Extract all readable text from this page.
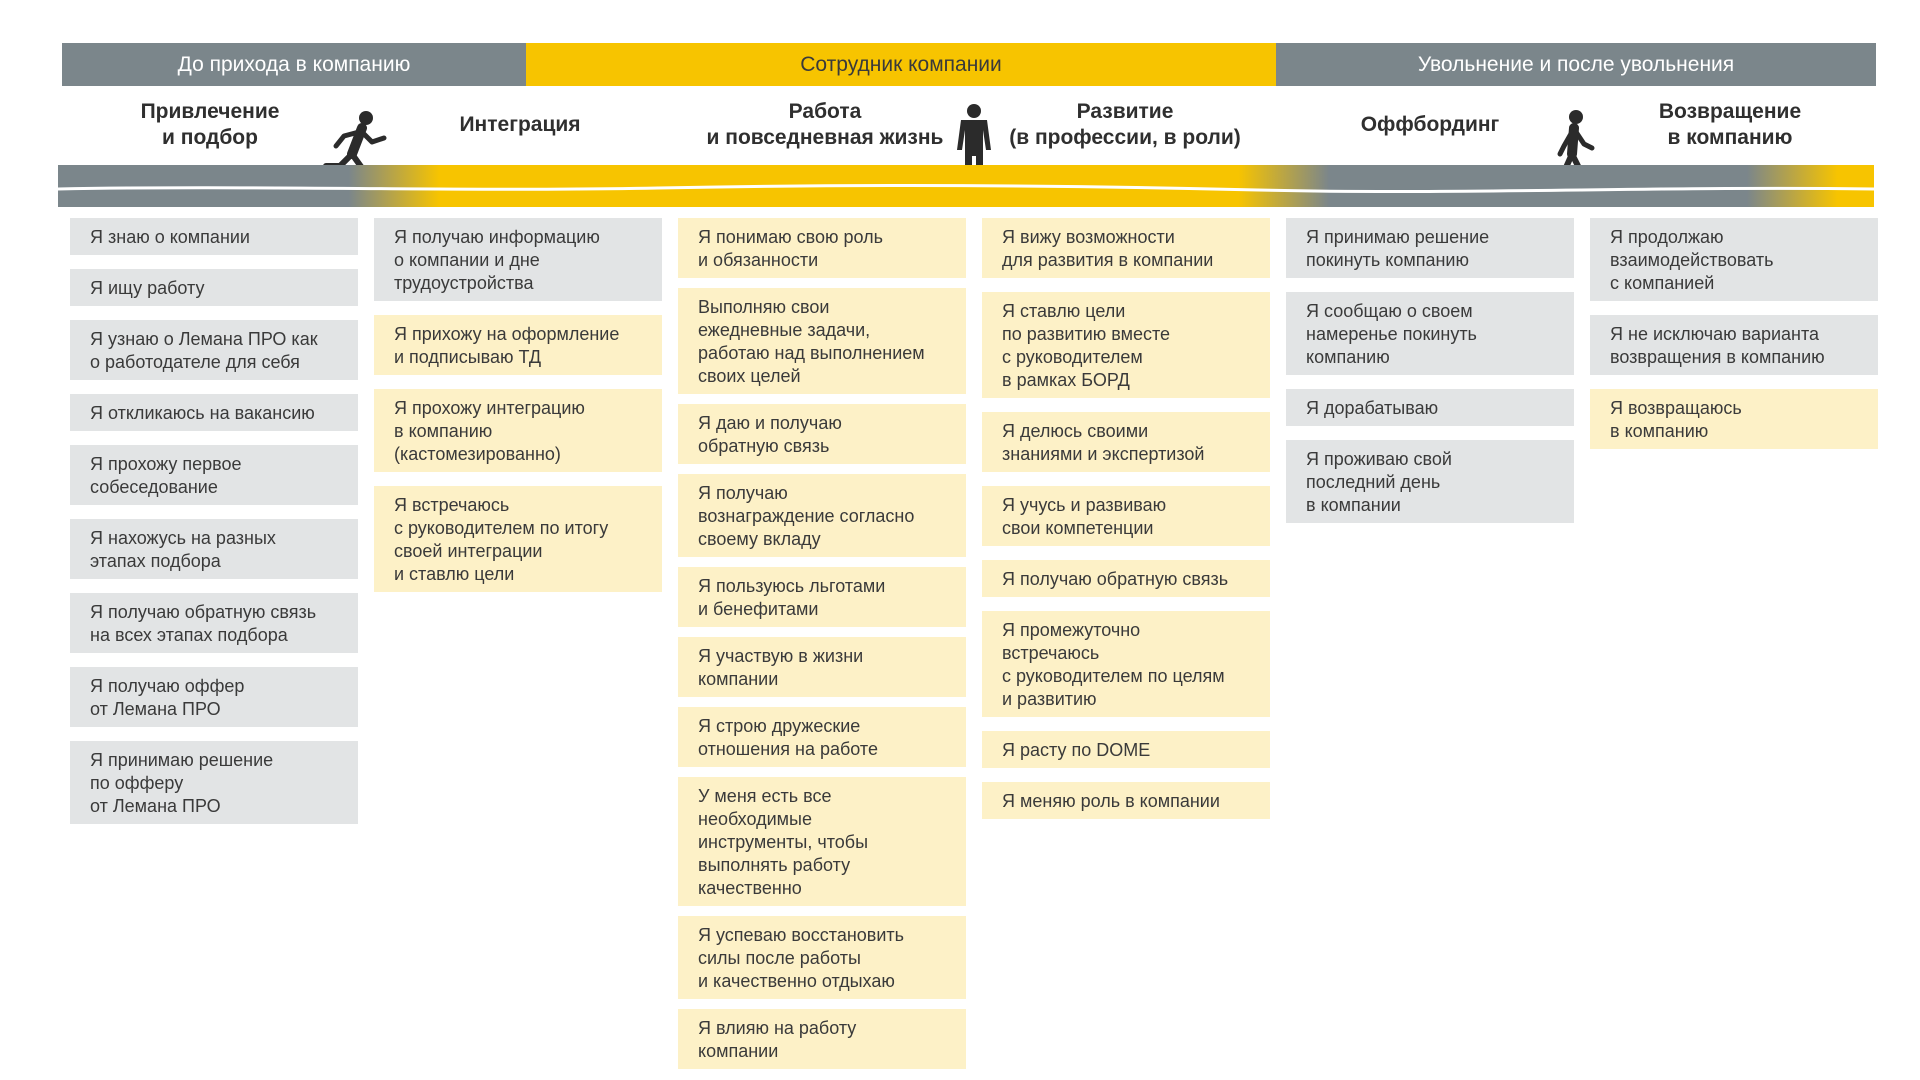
До прихода в компанию	Сотрудник компании	Увольнение и после увольнения
Привлечение
и подбор
Интеграция
Работа
и повседневная жизнь
Развитие
(в профессии, в роли)
Оффбординг
Возвращение
в компанию
Я знаю о компании
Я ищу работу
Я узнаю о Лемана ПРО как
о работодателе для себя
Я откликаюсь на вакансию
Я прохожу первое
собеседование
Я нахожусь на разных
этапах подбора
Я получаю обратную связь
на всех этапах подбора
Я получаю оффер
от Лемана ПРО
Я принимаю решение
по офферу
от Лемана ПРО
Я получаю информацию
о компании и дне
трудоустройства
Я прихожу на оформление
и подписываю ТД
Я прохожу интеграцию
в компанию
(кастомезированно)
Я встречаюсь
с руководителем по итогу
своей интеграции
и ставлю цели
Я понимаю свою роль
и обязанности
Выполняю свои
ежедневные задачи,
работаю над выполнением
своих целей
Я даю и получаю
обратную связь
Я получаю
вознаграждение согласно
своему вкладу
Я пользуюсь льготами
и бенефитами
Я участвую в жизни
компании
Я строю дружеские
отношения на работе
У меня есть все
необходимые
инструменты, чтобы
выполнять работу
качественно
Я успеваю восстановить
силы после работы
и качественно отдыхаю
Я влияю на работу
компании
Я вижу возможности
для развития в компании
Я ставлю цели
по развитию вместе
с руководителем
в рамках БОРД
Я делюсь своими
знаниями и экспертизой
Я учусь и развиваю
свои компетенции
Я получаю обратную связь
Я промежуточно
встречаюсь
с руководителем по целям
и развитию
Я расту по DOME
Я меняю роль в компании
Я принимаю решение
покинуть компанию
Я сообщаю о своем
намеренье покинуть
компанию
Я дорабатываю
Я проживаю свой
последний день
в компании
Я продолжаю
взаимодействовать
с компанией
Я не исключаю варианта
возвращения в компанию
Я возвращаюсь
в компанию
